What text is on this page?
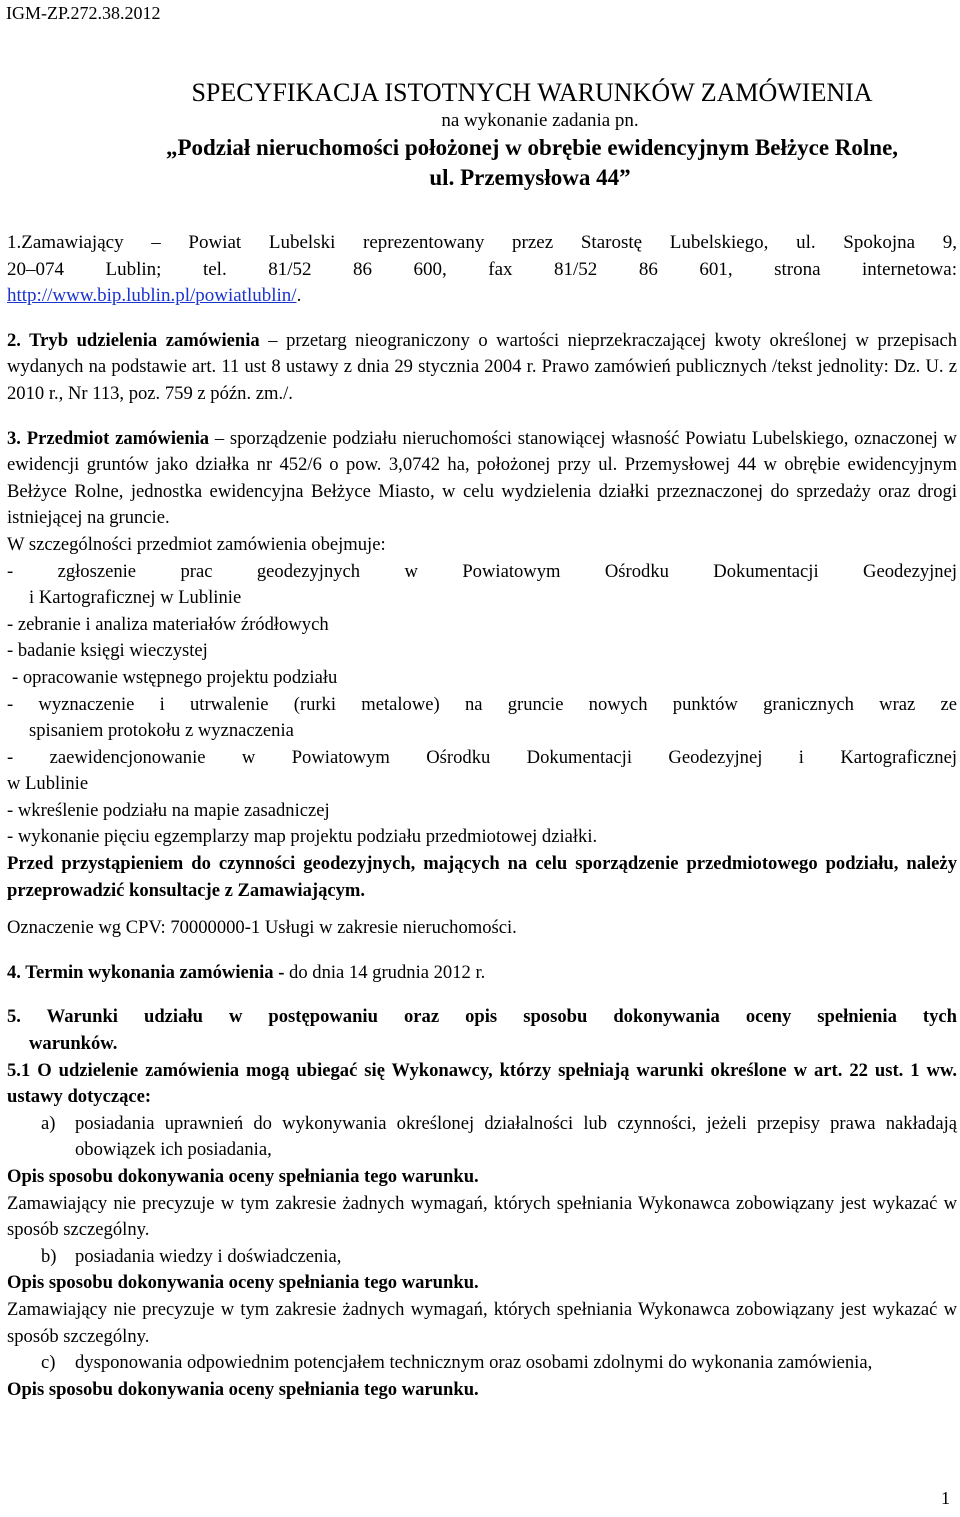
IGM-ZP.272.38.2012
SPECYFIKACJA ISTOTNYCH WARUNKÓW ZAMÓWIENIA
na wykonanie zadania pn.
„Podział nieruchomości położonej w obrębie ewidencyjnym Bełżyce Rolne,
ul. Przemysłowa 44”

1.Zamawiający – Powiat Lubelski reprezentowany przez Starostę Lubelskiego, ul. Spokojna 9,

20–074 Lublin; tel. 81/52 86 600, fax 81/52 86 601, strona internetowa:

http://www.bip.lublin.pl/powiatlublin/.

2. Tryb udzielenia zamówienia – przetarg nieograniczony o wartości nieprzekraczającej kwoty określonej w przepisach wydanych na podstawie art. 11 ust 8 ustawy z dnia 29 stycznia 2004 r. Prawo zamówień publicznych /tekst jednolity: Dz. U. z 2010 r., Nr 113, poz. 759 z późn. zm./.

3. Przedmiot zamówienia – sporządzenie podziału nieruchomości stanowiącej własność Powiatu Lubelskiego, oznaczonej w ewidencji gruntów jako działka nr 452/6 o pow. 3,0742 ha, położonej przy ul. Przemysłowej 44 w obrębie ewidencyjnym Bełżyce Rolne, jednostka ewidencyjna Bełżyce Miasto, w celu wydzielenia działki przeznaczonej do sprzedaży oraz drogi istniejącej na gruncie.

W szczególności przedmiot zamówienia obejmuje:

- zgłoszenie prac geodezyjnych w Powiatowym Ośrodku Dokumentacji Geodezyjnej

i Kartograficznej w Lublinie

- zebranie i analiza materiałów źródłowych

- badanie księgi wieczystej

- opracowanie wstępnego projektu podziału

- wyznaczenie i utrwalenie (rurki metalowe) na gruncie nowych punktów granicznych wraz ze

spisaniem protokołu z wyznaczenia

- zaewidencjonowanie w Powiatowym Ośrodku Dokumentacji Geodezyjnej i Kartograficznej

w Lublinie

- wkreślenie podziału na mapie zasadniczej

- wykonanie pięciu egzemplarzy map projektu podziału przedmiotowej działki.

Przed przystąpieniem do czynności geodezyjnych, mających na celu sporządzenie przedmiotowego podziału, należy przeprowadzić konsultacje z Zamawiającym.

Oznaczenie wg CPV: 70000000-1 Usługi w zakresie nieruchomości.

4. Termin wykonania zamówienia - do dnia 14 grudnia 2012 r.

5. Warunki udziału w postępowaniu oraz opis sposobu dokonywania oceny spełnienia tych

warunków.

5.1 O udzielenie zamówienia mogą ubiegać się Wykonawcy, którzy spełniają warunki określone w art. 22 ust. 1 ww. ustawy dotyczące:

a)	posiadania uprawnień do wykonywania określonej działalności lub czynności, jeżeli przepisy prawa nakładają obowiązek ich posiadania,

Opis sposobu dokonywania oceny spełniania tego warunku.

Zamawiający nie precyzuje w tym zakresie żadnych wymagań, których spełniania Wykonawca zobowiązany jest wykazać w sposób szczególny.

b) posiadania wiedzy i doświadczenia,

Opis sposobu dokonywania oceny spełniania tego warunku.

Zamawiający nie precyzuje w tym zakresie żadnych wymagań, których spełniania Wykonawca zobowiązany jest wykazać w sposób szczególny.

c)	dysponowania odpowiednim potencjałem technicznym oraz osobami zdolnymi do wykonania zamówienia,

Opis sposobu dokonywania oceny spełniania tego warunku.

1
